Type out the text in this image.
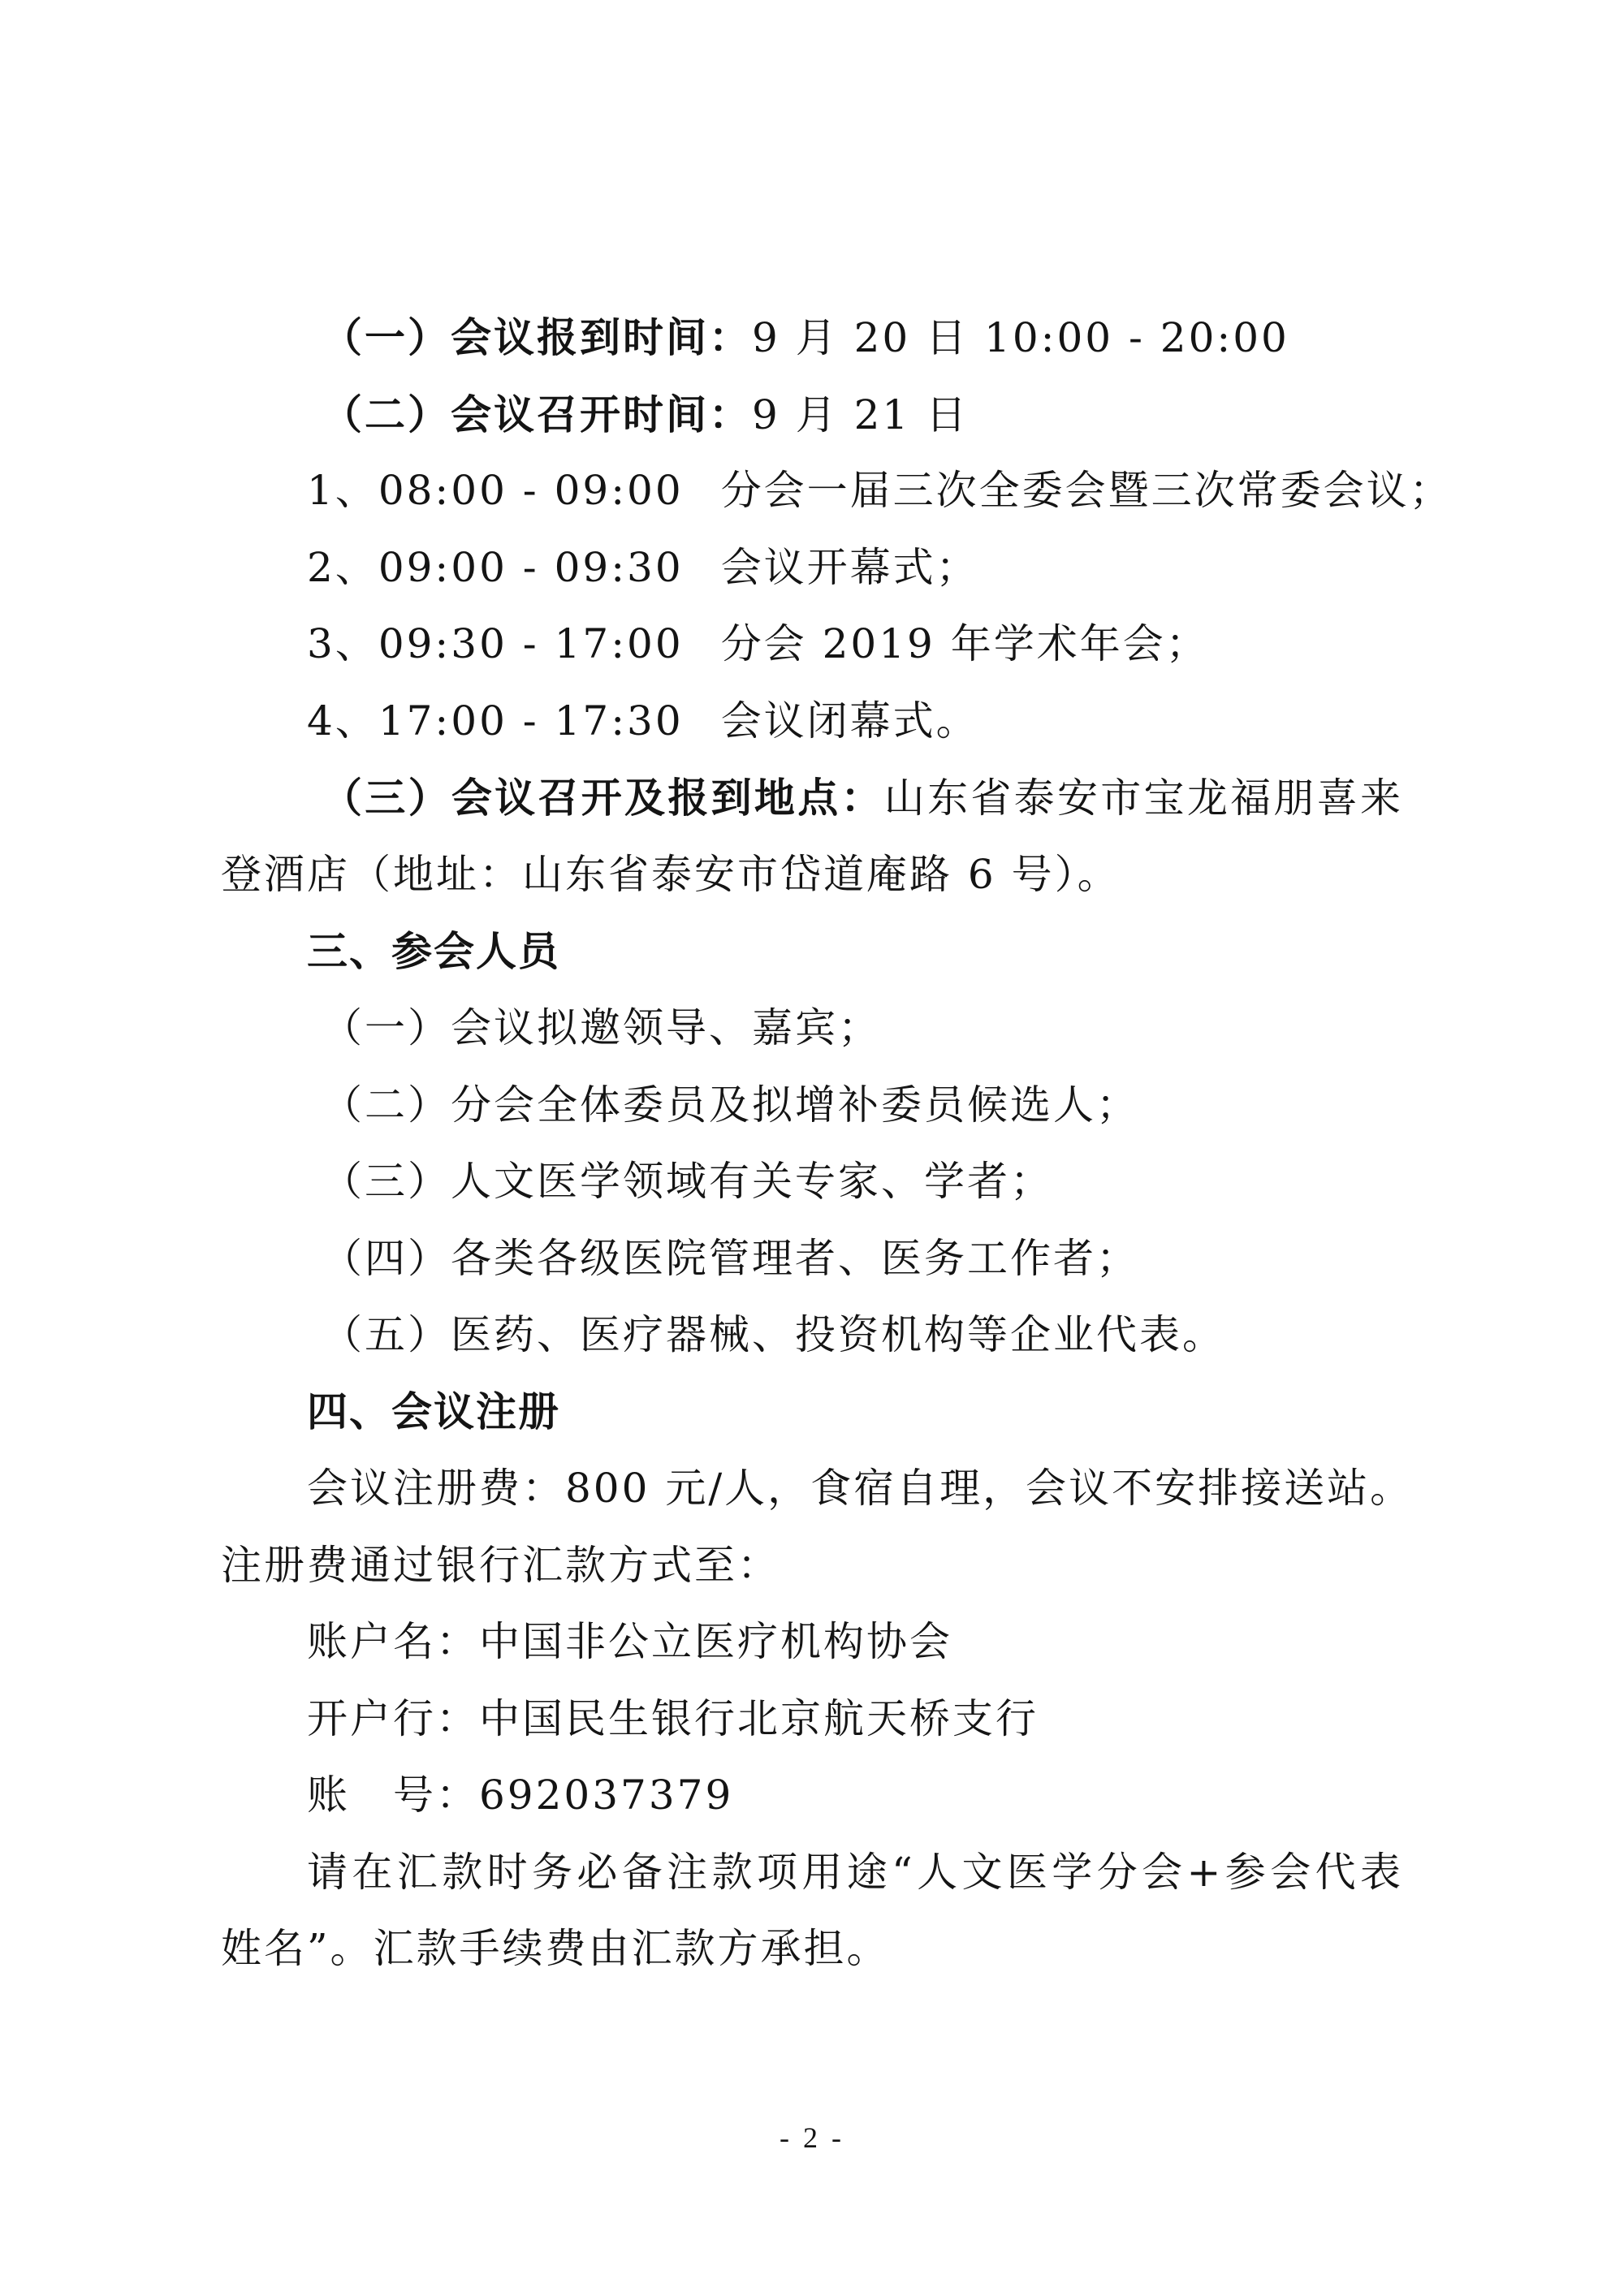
（一）会议报到时间：9 月 20 日 10:00 - 20:00
（二）会议召开时间：9 月 21 日
1、08:00 - 09:00 分会一届三次全委会暨三次常委会议；
2、09:00 - 09:30 会议开幕式；
3、09:30 - 17:00 分会 2019 年学术年会；
4、17:00 - 17:30 会议闭幕式。
（三）会议召开及报到地点：山东省泰安市宝龙福朋喜来
登酒店（地址：山东省泰安市岱道庵路 6 号）。
三、参会人员
（一）会议拟邀领导、嘉宾；
（二）分会全体委员及拟增补委员候选人；
（三）人文医学领域有关专家、学者；
（四）各类各级医院管理者、医务工作者；
（五）医药、医疗器械、投资机构等企业代表。
四、会议注册
会议注册费：800 元/人，食宿自理，会议不安排接送站。
注册费通过银行汇款方式至：
账户名：中国非公立医疗机构协会
开户行：中国民生银行北京航天桥支行
账　号：692037379
请在汇款时务必备注款项用途“人文医学分会+参会代表
姓名”。汇款手续费由汇款方承担。
- 2 -
